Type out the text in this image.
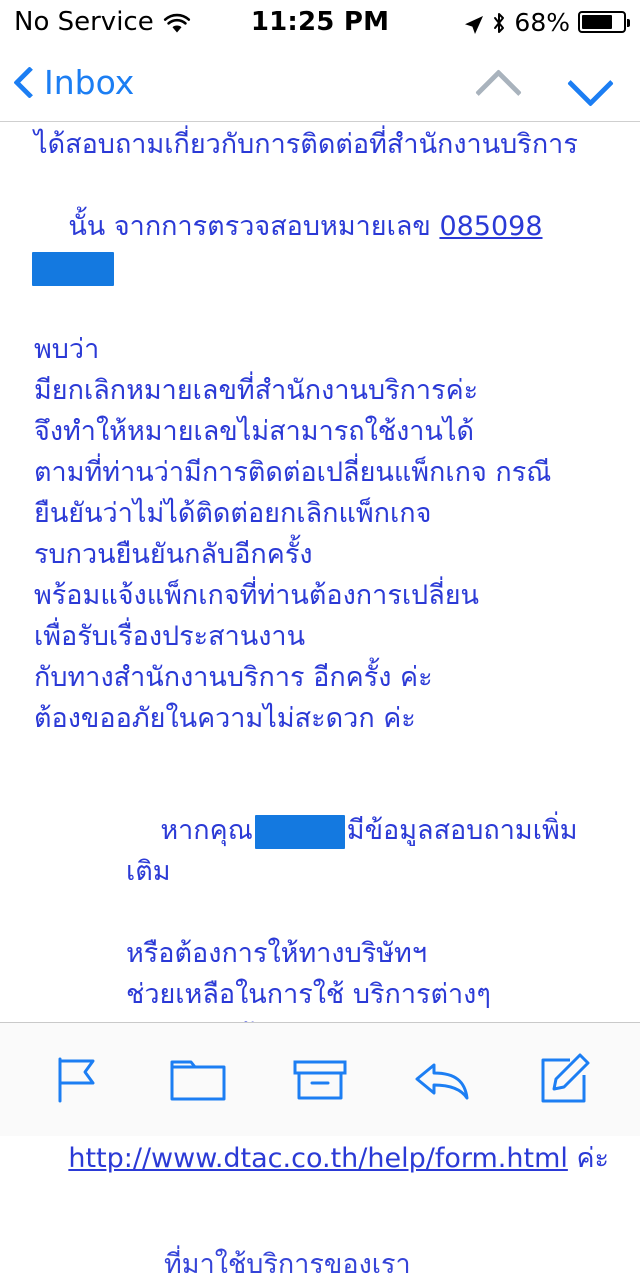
No Service	11:25 PM	68%
Inbox
ได้สอบถามเกี่ยวกับการติดต่อที่สำนักงานบริการ

นั้น จากการตรวจสอบหมายเลข 085098

พบว่า
มียกเลิกหมายเลขที่สำนักงานบริการค่ะ
จึงทำให้หมายเลขไม่สามารถใช้งานได้
ตามที่ท่านว่ามีการติดต่อเปลี่ยนแพ็กเกจ กรณี
ยืนยันว่าไม่ได้ติดต่อยกเลิกแพ็กเกจ
รบกวนยืนยันกลับอีกครั้ง
พร้อมแจ้งแพ็กเกจที่ท่านต้องการเปลี่ยน
เพื่อรับเรื่องประสานงาน
กับทางสำนักงานบริการ อีกครั้ง ค่ะ
ต้องขออภัยในความไม่สะดวก ค่ะ

หากคุณ	มีข้อมูลสอบถามเพิ่มเติม

หรือต้องการให้ทางบริษัทฯ
ช่วยเหลือในการใช้ บริการต่างๆ

http://www.dtac.co.th/help/form.html ค่ะ

ที่มาใช้บริการของเรา
